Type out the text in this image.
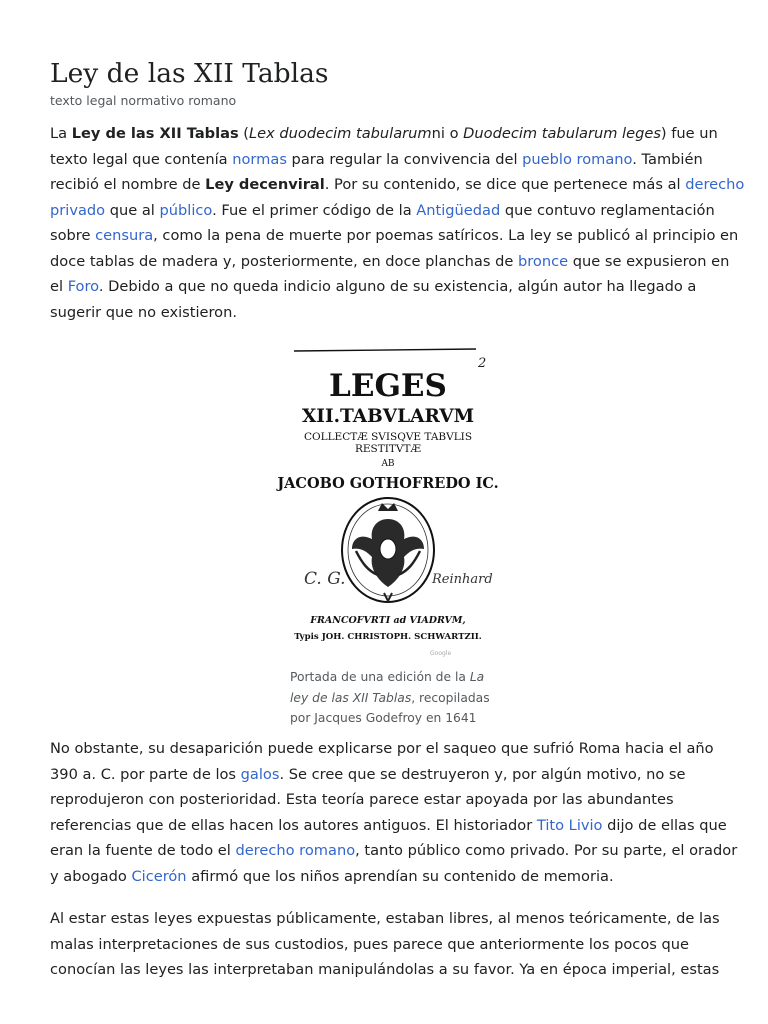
Ley de las XII Tablas
texto legal normativo romano
La Ley de las XII Tablas (Lex duodecim tabularumni o Duodecim tabularum leges) fue un
texto legal que contenía normas para regular la convivencia del pueblo romano. También
recibió el nombre de Ley decenviral. Por su contenido, se dice que pertenece más al derecho
privado que al público. Fue el primer código de la Antigüedad que contuvo reglamentación
sobre censura, como la pena de muerte por poemas satíricos. La ley se publicó al principio en
doce tablas de madera y, posteriormente, en doce planchas de bronce que se expusieron en
el Foro. Debido a que no queda indicio alguno de su existencia, algún autor ha llegado a
sugerir que no existieron.
2
LEGES
XII.TABVLARVM
COLLECTÆ SVISQVE TABVLIS
RESTITVTÆ
AB
JACOBO GOTHOFREDO IC.
C. G.	Reinhard
FRANCOFVRTI ad VIADRVM,
Typis JOH. CHRISTOPH. SCHWARTZII.
Google
Portada de una edición de la La
ley de las XII Tablas, recopiladas
por Jacques Godefroy en 1641
No obstante, su desaparición puede explicarse por el saqueo que sufrió Roma hacia el año
390 a. C. por parte de los galos. Se cree que se destruyeron y, por algún motivo, no se
reprodujeron con posterioridad. Esta teoría parece estar apoyada por las abundantes
referencias que de ellas hacen los autores antiguos. El historiador Tito Livio dijo de ellas que
eran la fuente de todo el derecho romano, tanto público como privado. Por su parte, el orador
y abogado Cicerón afirmó que los niños aprendían su contenido de memoria.
Al estar estas leyes expuestas públicamente, estaban libres, al menos teóricamente, de las
malas interpretaciones de sus custodios, pues parece que anteriormente los pocos que
conocían las leyes las interpretaban manipulándolas a su favor. Ya en época imperial, estas
